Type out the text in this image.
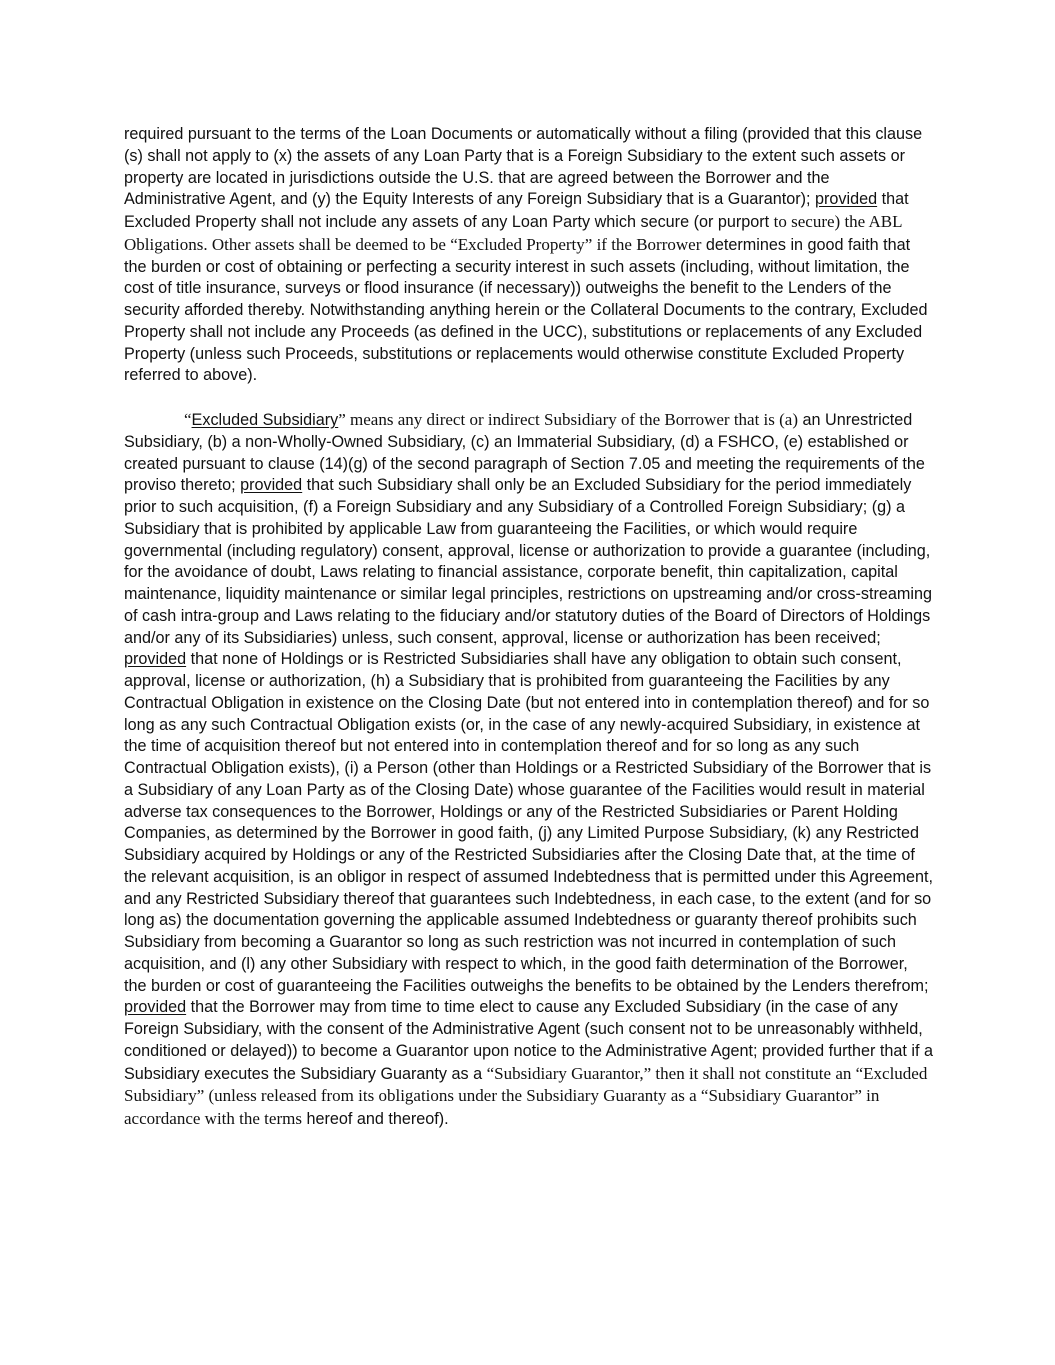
required pursuant to the terms of the Loan Documents or automatically without a filing (provided that this clause (s) shall not apply to (x) the assets of any Loan Party that is a Foreign Subsidiary to the extent such assets or property are located in jurisdictions outside the U.S. that are agreed between the Borrower and the Administrative Agent, and (y) the Equity Interests of any Foreign Subsidiary that is a Guarantor); provided that Excluded Property shall not include any assets of any Loan Party which secure (or purport to secure) the ABL Obligations. Other assets shall be deemed to be “Excluded Property” if the Borrower determines in good faith that the burden or cost of obtaining or perfecting a security interest in such assets (including, without limitation, the cost of title insurance, surveys or flood insurance (if necessary)) outweighs the benefit to the Lenders of the security afforded thereby. Notwithstanding anything herein or the Collateral Documents to the contrary, Excluded Property shall not include any Proceeds (as defined in the UCC), substitutions or replacements of any Excluded Property (unless such Proceeds, substitutions or replacements would otherwise constitute Excluded Property referred to above).

“Excluded Subsidiary” means any direct or indirect Subsidiary of the Borrower that is (a) an Unrestricted Subsidiary, (b) a non-Wholly-Owned Subsidiary, (c) an Immaterial Subsidiary, (d) a FSHCO, (e) established or created pursuant to clause (14)(g) of the second paragraph of Section 7.05 and meeting the requirements of the proviso thereto; provided that such Subsidiary shall only be an Excluded Subsidiary for the period immediately prior to such acquisition, (f) a Foreign Subsidiary and any Subsidiary of a Controlled Foreign Subsidiary; (g) a Subsidiary that is prohibited by applicable Law from guaranteeing the Facilities, or which would require governmental (including regulatory) consent, approval, license or authorization to provide a guarantee (including, for the avoidance of doubt, Laws relating to financial assistance, corporate benefit, thin capitalization, capital maintenance, liquidity maintenance or similar legal principles, restrictions on upstreaming and/or cross-streaming of cash intra-group and Laws relating to the fiduciary and/or statutory duties of the Board of Directors of Holdings and/or any of its Subsidiaries) unless, such consent, approval, license or authorization has been received; provided that none of Holdings or is Restricted Subsidiaries shall have any obligation to obtain such consent, approval, license or authorization, (h) a Subsidiary that is prohibited from guaranteeing the Facilities by any Contractual Obligation in existence on the Closing Date (but not entered into in contemplation thereof) and for so long as any such Contractual Obligation exists (or, in the case of any newly-acquired Subsidiary, in existence at the time of acquisition thereof but not entered into in contemplation thereof and for so long as any such Contractual Obligation exists), (i) a Person (other than Holdings or a Restricted Subsidiary of the Borrower that is a Subsidiary of any Loan Party as of the Closing Date) whose guarantee of the Facilities would result in material adverse tax consequences to the Borrower, Holdings or any of the Restricted Subsidiaries or Parent Holding Companies, as determined by the Borrower in good faith, (j) any Limited Purpose Subsidiary, (k) any Restricted Subsidiary acquired by Holdings or any of the Restricted Subsidiaries after the Closing Date that, at the time of the relevant acquisition, is an obligor in respect of assumed Indebtedness that is permitted under this Agreement, and any Restricted Subsidiary thereof that guarantees such Indebtedness, in each case, to the extent (and for so long as) the documentation governing the applicable assumed Indebtedness or guaranty thereof prohibits such Subsidiary from becoming a Guarantor so long as such restriction was not incurred in contemplation of such acquisition, and (l) any other Subsidiary with respect to which, in the good faith determination of the Borrower, the burden or cost of guaranteeing the Facilities outweighs the benefits to be obtained by the Lenders therefrom; provided that the Borrower may from time to time elect to cause any Excluded Subsidiary (in the case of any Foreign Subsidiary, with the consent of the Administrative Agent (such consent not to be unreasonably withheld, conditioned or delayed)) to become a Guarantor upon notice to the Administrative Agent; provided further that if a Subsidiary executes the Subsidiary Guaranty as a “Subsidiary Guarantor,” then it shall not constitute an “Excluded Subsidiary” (unless released from its obligations under the Subsidiary Guaranty as a “Subsidiary Guarantor” in accordance with the terms hereof and thereof).
